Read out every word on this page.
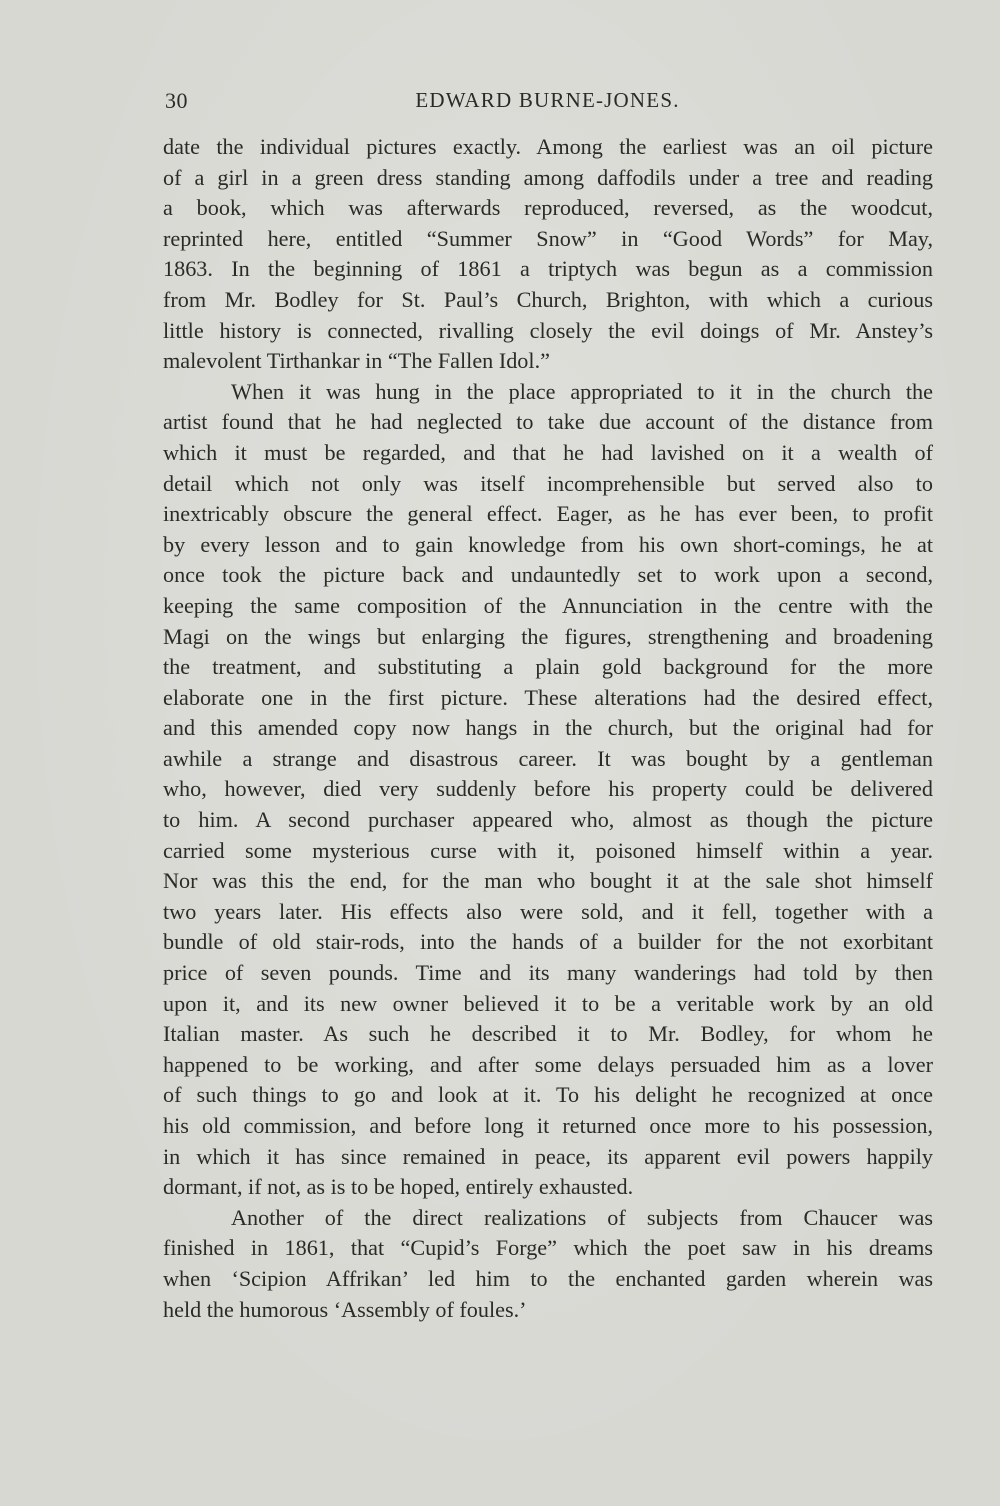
30	EDWARD BURNE-JONES.

date the individual pictures exactly. Among the earliest was an oil picture
of a girl in a green dress standing among daffodils under a tree and reading
a book, which was afterwards reproduced, reversed, as the woodcut,
reprinted here, entitled “Summer Snow” in “Good Words” for May,
1863. In the beginning of 1861 a triptych was begun as a commission
from Mr. Bodley for St. Paul’s Church, Brighton, with which a curious
little history is connected, rivalling closely the evil doings of Mr. Anstey’s
malevolent Tirthankar in “The Fallen Idol.”

When it was hung in the place appropriated to it in the church the
artist found that he had neglected to take due account of the distance from
which it must be regarded, and that he had lavished on it a wealth of
detail which not only was itself incomprehensible but served also to
inextricably obscure the general effect. Eager, as he has ever been, to profit
by every lesson and to gain knowledge from his own short-comings, he at
once took the picture back and undauntedly set to work upon a second,
keeping the same composition of the Annunciation in the centre with the
Magi on the wings but enlarging the figures, strengthening and broadening
the treatment, and substituting a plain gold background for the more
elaborate one in the first picture. These alterations had the desired effect,
and this amended copy now hangs in the church, but the original had for
awhile a strange and disastrous career. It was bought by a gentleman
who, however, died very suddenly before his property could be delivered
to him. A second purchaser appeared who, almost as though the picture
carried some mysterious curse with it, poisoned himself within a year.
Nor was this the end, for the man who bought it at the sale shot himself
two years later. His effects also were sold, and it fell, together with a
bundle of old stair-rods, into the hands of a builder for the not exorbitant
price of seven pounds. Time and its many wanderings had told by then
upon it, and its new owner believed it to be a veritable work by an old
Italian master. As such he described it to Mr. Bodley, for whom he
happened to be working, and after some delays persuaded him as a lover
of such things to go and look at it. To his delight he recognized at once
his old commission, and before long it returned once more to his possession,
in which it has since remained in peace, its apparent evil powers happily
dormant, if not, as is to be hoped, entirely exhausted.

Another of the direct realizations of subjects from Chaucer was
finished in 1861, that “Cupid’s Forge” which the poet saw in his dreams
when ‘Scipion Affrikan’ led him to the enchanted garden wherein was
held the humorous ‘Assembly of foules.’
